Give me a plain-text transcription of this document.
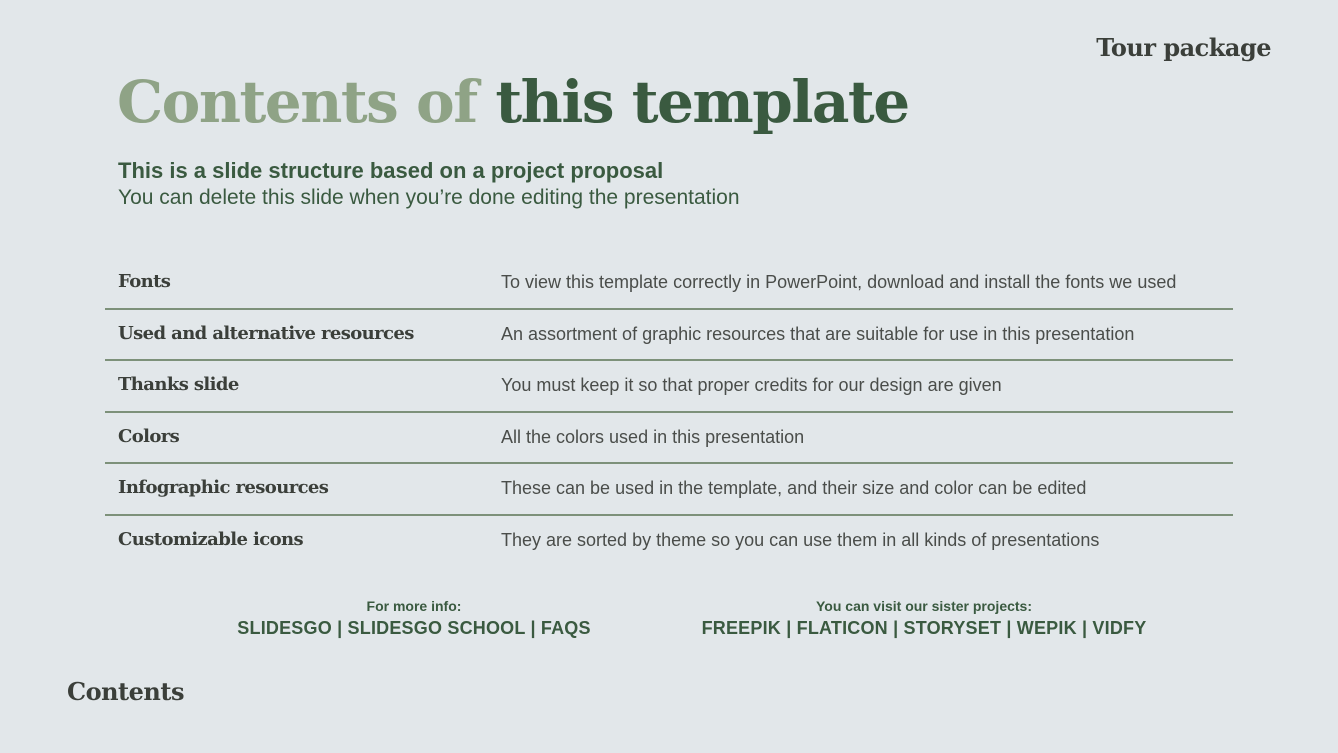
Tour package
Contents of this template
This is a slide structure based on a project proposal
You can delete this slide when you’re done editing the presentation
Fonts	To view this template correctly in PowerPoint, download and install the fonts we used
Used and alternative resources	An assortment of graphic resources that are suitable for use in this presentation
Thanks slide	You must keep it so that proper credits for our design are given
Colors	All the colors used in this presentation
Infographic resources	These can be used in the template, and their size and color can be edited
Customizable icons	They are sorted by theme so you can use them in all kinds of presentations
For more info:
SLIDESGO | SLIDESGO SCHOOL | FAQS
You can visit our sister projects:
FREEPIK | FLATICON | STORYSET | WEPIK | VIDFY
Contents
